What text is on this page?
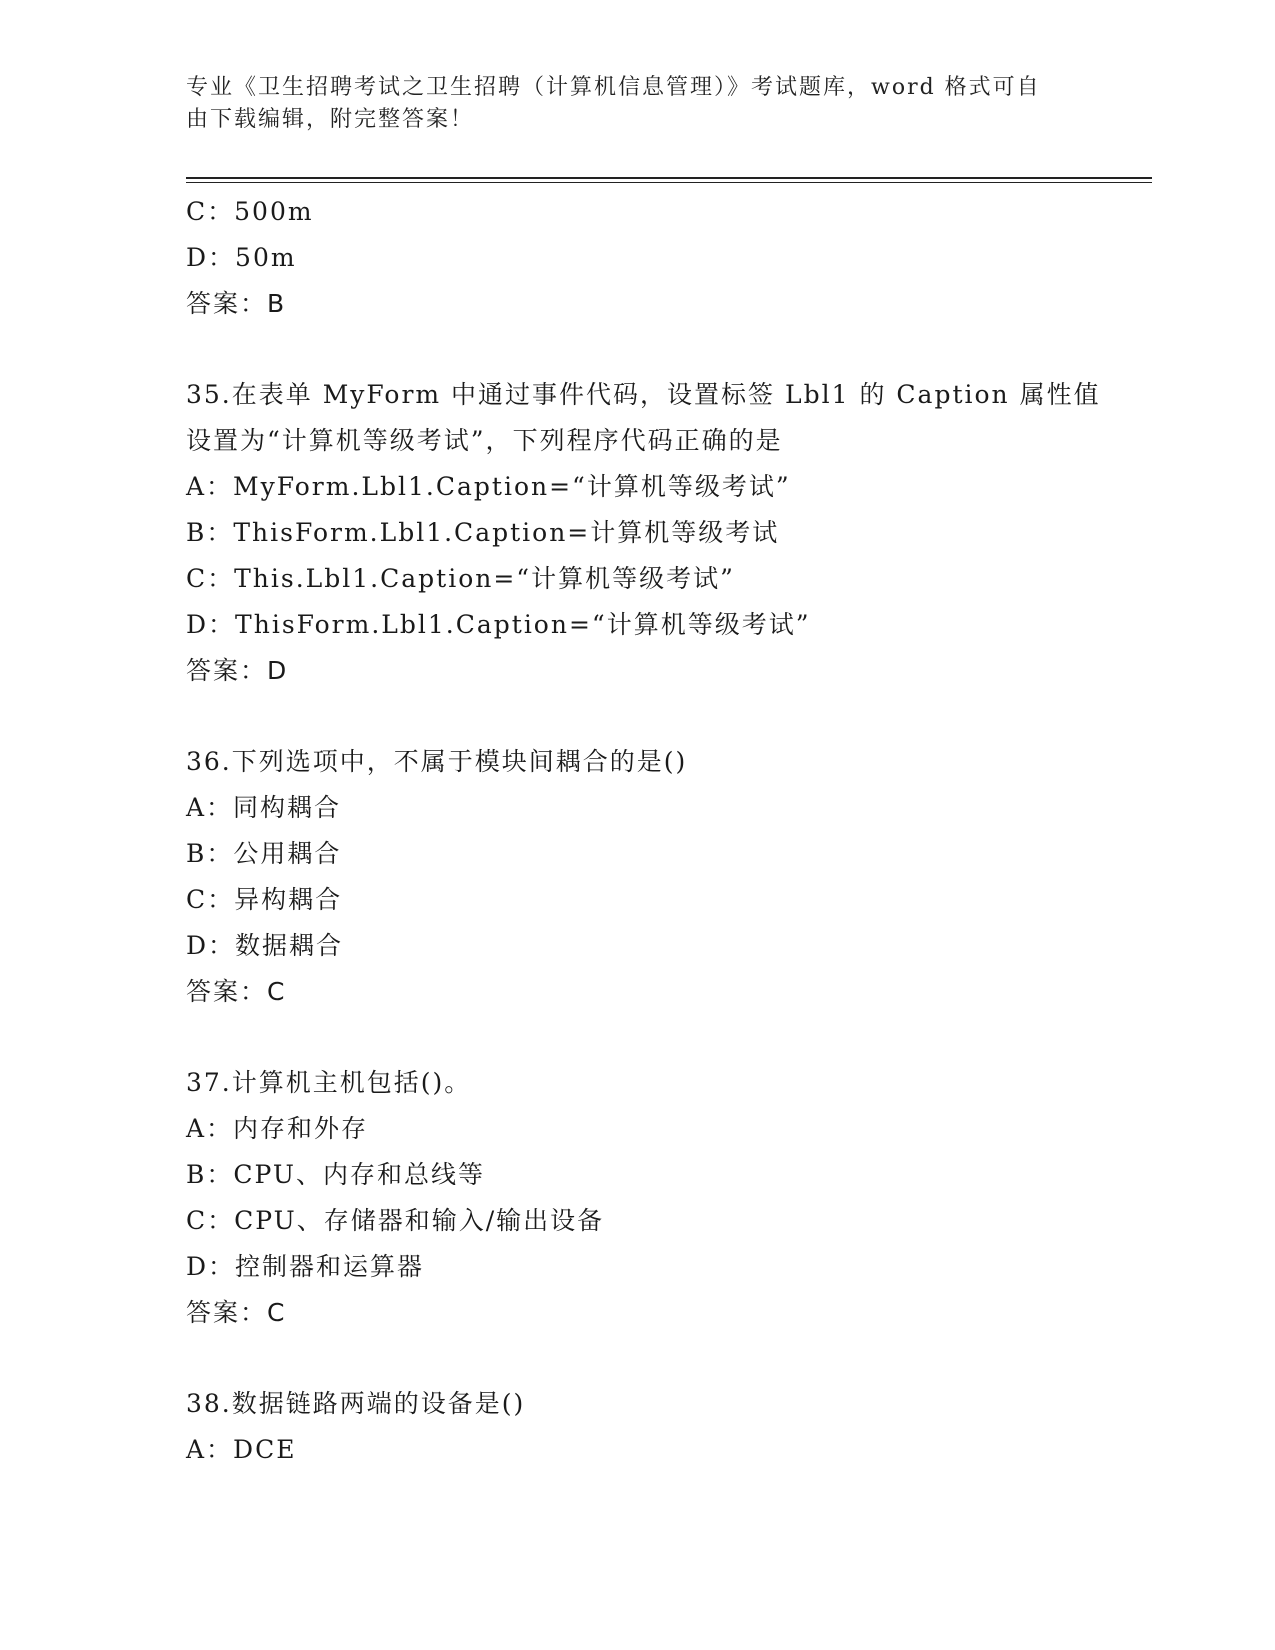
专业《卫生招聘考试之卫生招聘（计算机信息管理）》考试题库，word 格式可自
由下载编辑，附完整答案！
C：500m
D：50m
答案：B
35.在表单 MyForm 中通过事件代码，设置标签 Lbl1 的 Caption 属性值
设置为“计算机等级考试”，下列程序代码正确的是
A：MyForm.Lbl1.Caption=“计算机等级考试”
B：ThisForm.Lbl1.Caption=计算机等级考试
C：This.Lbl1.Caption=“计算机等级考试”
D：ThisForm.Lbl1.Caption=“计算机等级考试”
答案：D
36.下列选项中，不属于模块间耦合的是()
A：同构耦合
B：公用耦合
C：异构耦合
D：数据耦合
答案：C
37.计算机主机包括()。
A：内存和外存
B：CPU、内存和总线等
C：CPU、存储器和输入/输出设备
D：控制器和运算器
答案：C
38.数据链路两端的设备是()
A：DCE
